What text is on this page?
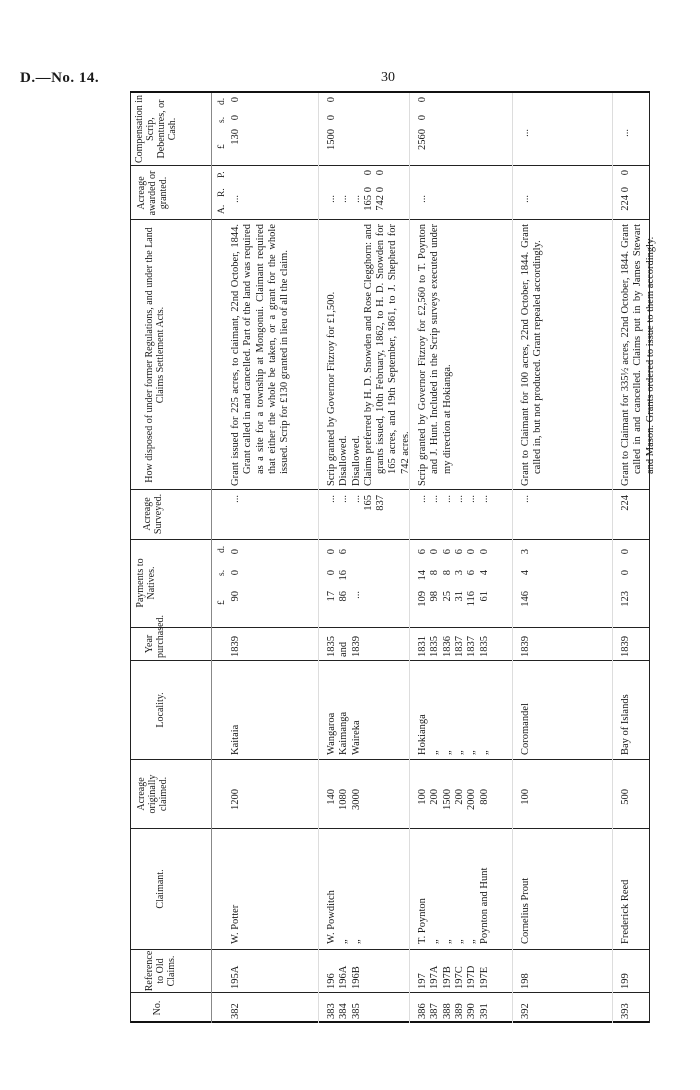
D.—No. 14.	30
No.
Reference to Old Claims.
Claimant.
Acreage originally claimed.
Locality.
Year purchased.
Payments to Natives.
Acreage Surveyed.
How disposed of under former Regulations, and under the Land Claims Settlement Acts.
Acreage awarded or granted.
382
195A
W. Potter
1200
Kaitaia
1839
90
0
0
...
...
130
0
0
Grant issued for 225 acres, to claimant, 22nd October, 1844. Grant called in and cancelled. Part of the land was required as a site for a township at Mongonui. Claimant required that either the whole be taken, or a grant for the whole issued. Scrip for £130 granted in lieu of all the claim.
383 384 385
196 196A 196B
W. Powditch „ „
140 1080 3000
Wangaroa Kaimanga Waireka
1835 and 1839
17 86 ...
0 16
0 6
... ... ... 165 837
... ... ... 165 742
0 0
0 0
1500
0
0
Scrip granted by Governor Fitzroy for £1,500. Disallowed. Disallowed. Claims preferred by H. D. Snowden and Rose Clegghorn: and grants issued, 10th February, 1862, to H. D. Snowden for 165 acres, and 19th September, 1861, to J. Shepherd for 742 acres.
386 387 388 389 390 391
197 197A 197B 197C 197D 197E
T. Poynton „ „ „ „ Poynton and Hunt
100 200 1500 200 2000 800
Hokianga „ „ „ „ „
1831 1835 1836 1837 1837 1835
109 98 25 31 116 61
14 8 8 3 6 4
6 0 6 6 0 0
... ... ... ... ... ...
...
2560
0
0
Scrip granted by Governor Fitzroy for £2,560 to T. Poynton and J. Hunt. Included in the Scrip surveys executed under my direction at Hokianga.
392
198
Cornelius Prout
100
Coromandel
1839
146
4
3
...
...
...
Grant to Claimant for 100 acres, 22nd October, 1844. Grant called in, but not produced. Grant repealed accordingly.
393
199
Frederick Reed
500
Bay of Islands
1839
123
0
0
224
224
0
0
...
Grant to Claimant for 335½ acres, 22nd October, 1844. Grant called in and cancelled. Claims put in by James Stewart and Mason. Grants ordered to issue to them accordingly.
Compensation in Scrip, Debentures, or Cash.
£
s.
d.
A.
R.
P.
£
s.
d.
